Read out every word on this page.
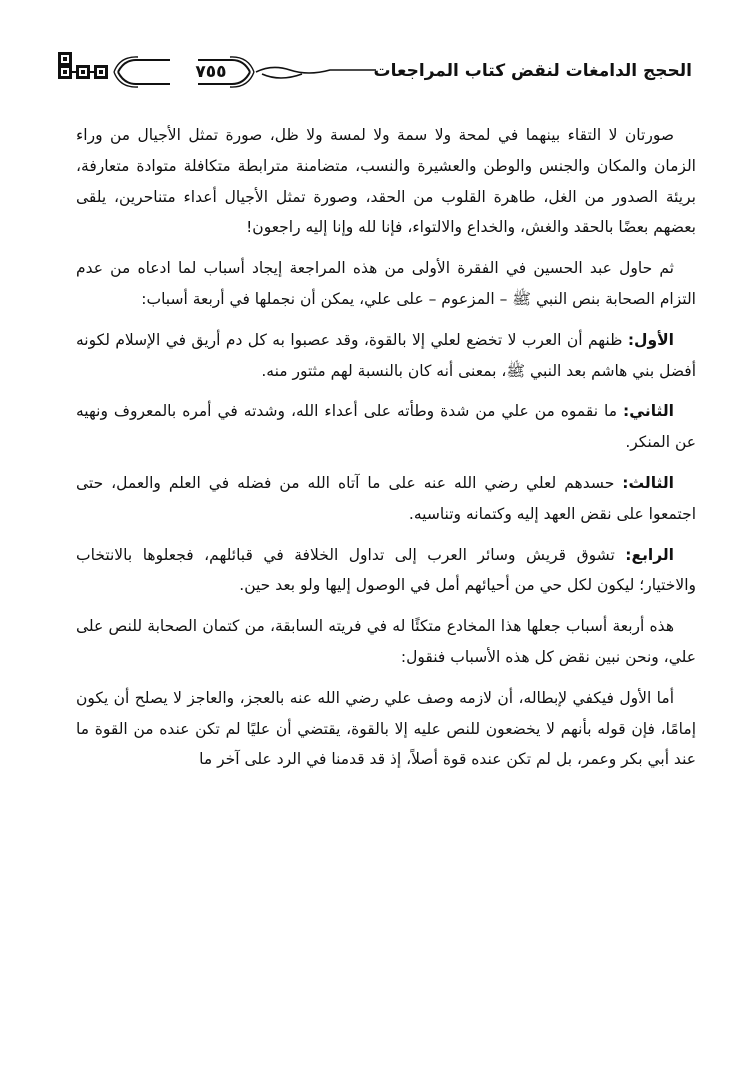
٧٥٥	الحجج الدامغات لنقض كتاب المراجعات

صورتان لا التقاء بينهما في لمحة ولا سمة ولا لمسة ولا ظل، صورة تمثل الأجيال من وراء الزمان والمكان والجنس والوطن والعشيرة والنسب، متضامنة مترابطة متكافلة متوادة متعارفة، بريئة الصدور من الغل، طاهرة القلوب من الحقد، وصورة تمثل الأجيال أعداء متناحرين، يلقى بعضهم بعضًا بالحقد والغش، والخداع والالتواء، فإنا لله وإنا إليه راجعون!

ثم حاول عبد الحسين في الفقرة الأولى من هذه المراجعة إيجاد أسباب لما ادعاه من عدم التزام الصحابة بنص النبي ﷺ – المزعوم – على علي، يمكن أن نجملها في أربعة أسباب:

الأول: ظنهم أن العرب لا تخضع لعلي إلا بالقوة، وقد عصبوا به كل دم أريق في الإسلام لكونه أفضل بني هاشم بعد النبي ﷺ، بمعنى أنه كان بالنسبة لهم مثتور منه.

الثاني: ما نقموه من علي من شدة وطأته على أعداء الله، وشدته في أمره بالمعروف ونهيه عن المنكر.

الثالث: حسدهم لعلي رضي الله عنه على ما آتاه الله من فضله في العلم والعمل، حتى اجتمعوا على نقض العهد إليه وكتمانه وتناسيه.

الرابع: تشوق قريش وسائر العرب إلى تداول الخلافة في قبائلهم، فجعلوها بالانتخاب والاختيار؛ ليكون لكل حي من أحيائهم أمل في الوصول إليها ولو بعد حين.

هذه أربعة أسباب جعلها هذا المخادع متكئًا له في فريته السابقة، من كتمان الصحابة للنص على علي، ونحن نبين نقض كل هذه الأسباب فنقول:

أما الأول فيكفي لإبطاله، أن لازمه وصف علي رضي الله عنه بالعجز، والعاجز لا يصلح أن يكون إمامًا، فإن قوله بأنهم لا يخضعون للنص عليه إلا بالقوة، يقتضي أن عليًا لم تكن عنده من القوة ما عند أبي بكر وعمر، بل لم تكن عنده قوة أصلاً، إذ قد قدمنا في الرد على آخر ما
